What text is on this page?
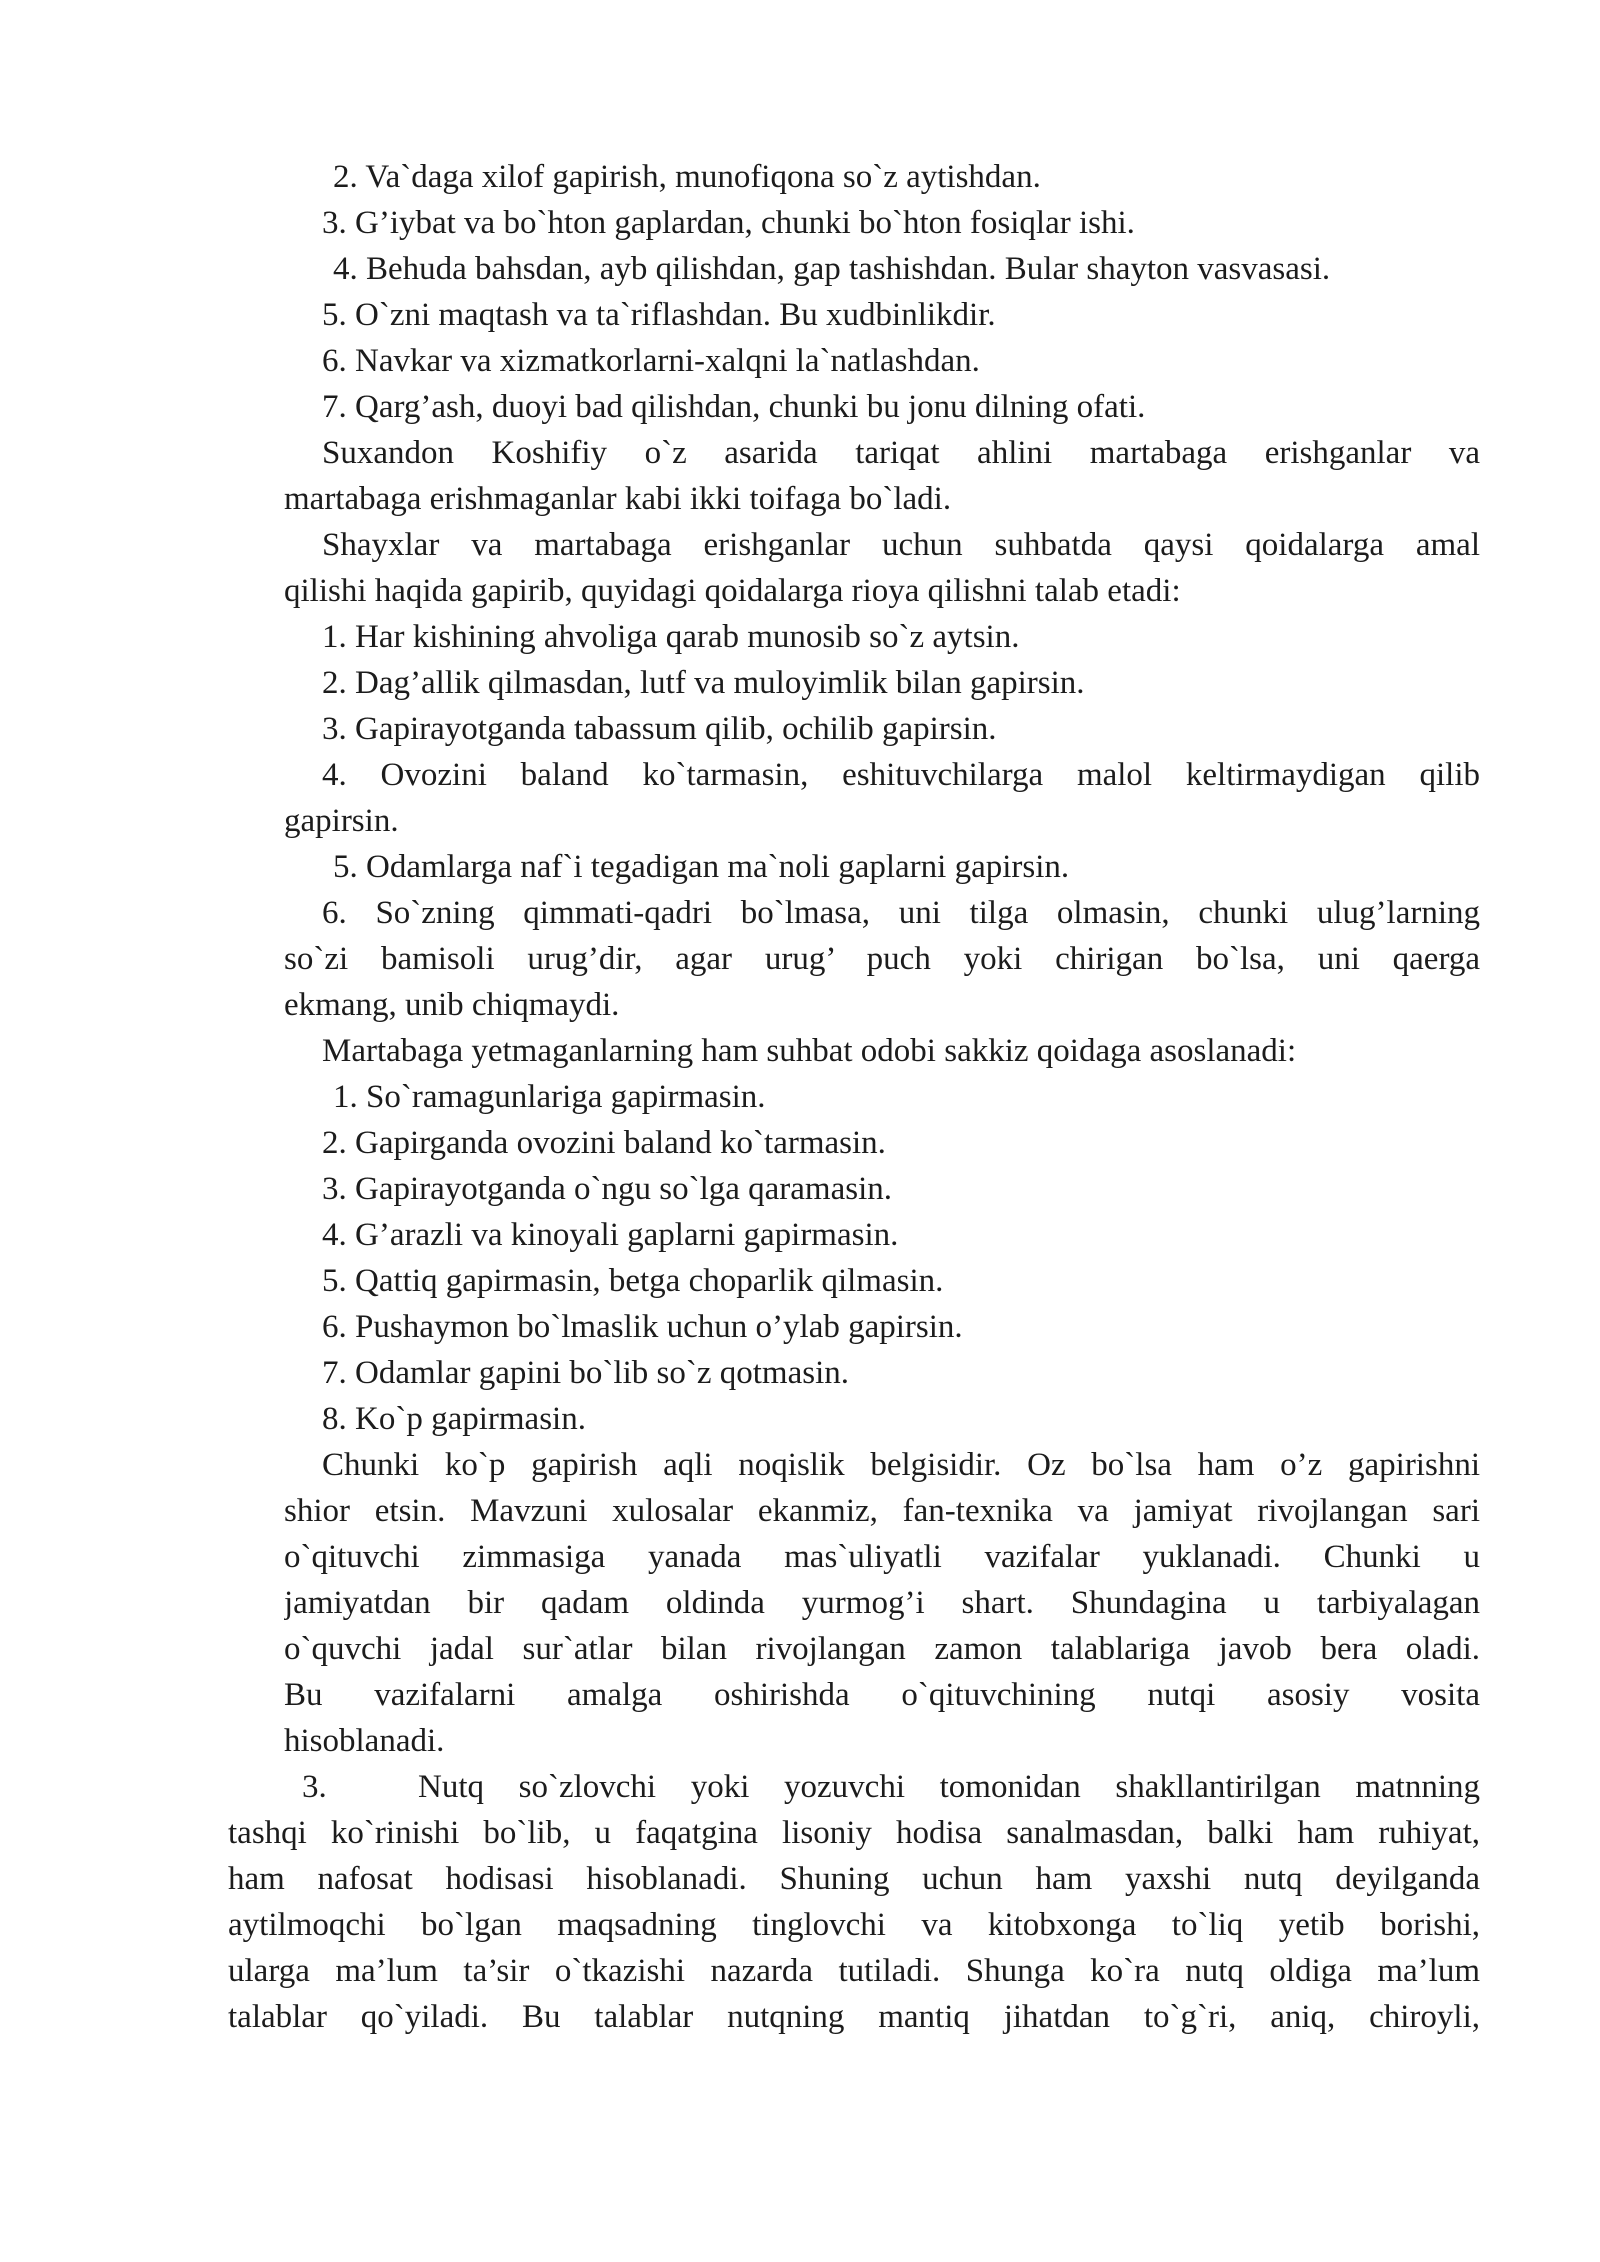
2. Va`daga xilof gapirish, munofiqona so`z aytishdan.
3. G’iybat va bo`hton gaplardan, chunki bo`hton fosiqlar ishi.
4. Behuda bahsdan, ayb qilishdan, gap tashishdan. Bular shayton vasvasasi.
5. O`zni maqtash va ta`riflashdan. Bu xudbinlikdir.
6. Navkar va xizmatkorlarni-xalqni la`natlashdan.
7. Qarg’ash, duoyi bad qilishdan, chunki bu jonu dilning ofati.
Suxandon Koshifiy o`z asarida tariqat ahlini martabaga erishganlar va
martabaga erishmaganlar kabi ikki toifaga bo`ladi.
Shayxlar va martabaga erishganlar uchun suhbatda qaysi qoidalarga amal
qilishi haqida gapirib, quyidagi qoidalarga rioya qilishni talab etadi:
1. Har kishining ahvoliga qarab munosib so`z aytsin.
2. Dag’allik qilmasdan, lutf va muloyimlik bilan gapirsin.
3. Gapirayotganda tabassum qilib, ochilib gapirsin.
4. Ovozini baland ko`tarmasin, eshituvchilarga malol keltirmaydigan qilib
gapirsin.
5. Odamlarga naf`i tegadigan ma`noli gaplarni gapirsin.
6. So`zning qimmati-qadri bo`lmasa, uni tilga olmasin, chunki ulug’larning
so`zi bamisoli urug’dir, agar urug’ puch yoki chirigan bo`lsa, uni qaerga
ekmang, unib chiqmaydi.
Martabaga yetmaganlarning ham suhbat odobi sakkiz qoidaga asoslanadi:
1. So`ramagunlariga gapirmasin.
2. Gapirganda ovozini baland ko`tarmasin.
3. Gapirayotganda o`ngu so`lga qaramasin.
4. G’arazli va kinoyali gaplarni gapirmasin.
5. Qattiq gapirmasin, betga choparlik qilmasin.
6. Pushaymon bo`lmaslik uchun o’ylab gapirsin.
7. Odamlar gapini bo`lib so`z qotmasin.
8. Ko`p gapirmasin.
Chunki ko`p gapirish aqli noqislik belgisidir. Oz bo`lsa ham o’z gapirishni
shior etsin. Mavzuni xulosalar ekanmiz, fan-texnika va jamiyat rivojlangan sari
o`qituvchi zimmasiga yanada mas`uliyatli vazifalar yuklanadi. Chunki u
jamiyatdan bir qadam oldinda yurmog’i shart. Shundagina u tarbiyalagan
o`quvchi jadal sur`atlar bilan rivojlangan zamon talablariga javob bera oladi.
Bu vazifalarni amalga oshirishda o`qituvchining nutqi asosiy vosita
hisoblanadi.
3.	Nutq so`zlovchi yoki yozuvchi tomonidan shakllantirilgan matnning
tashqi ko`rinishi bo`lib, u faqatgina lisoniy hodisa sanalmasdan, balki ham ruhiyat,
ham nafosat hodisasi hisoblanadi. Shuning uchun ham yaxshi nutq deyilganda
aytilmoqchi bo`lgan maqsadning tinglovchi va kitobxonga to`liq yetib borishi,
ularga ma’lum ta’sir o`tkazishi nazarda tutiladi. Shunga ko`ra nutq oldiga ma’lum
talablar qo`yiladi. Bu talablar nutqning mantiq jihatdan to`g`ri, aniq, chiroyli,
